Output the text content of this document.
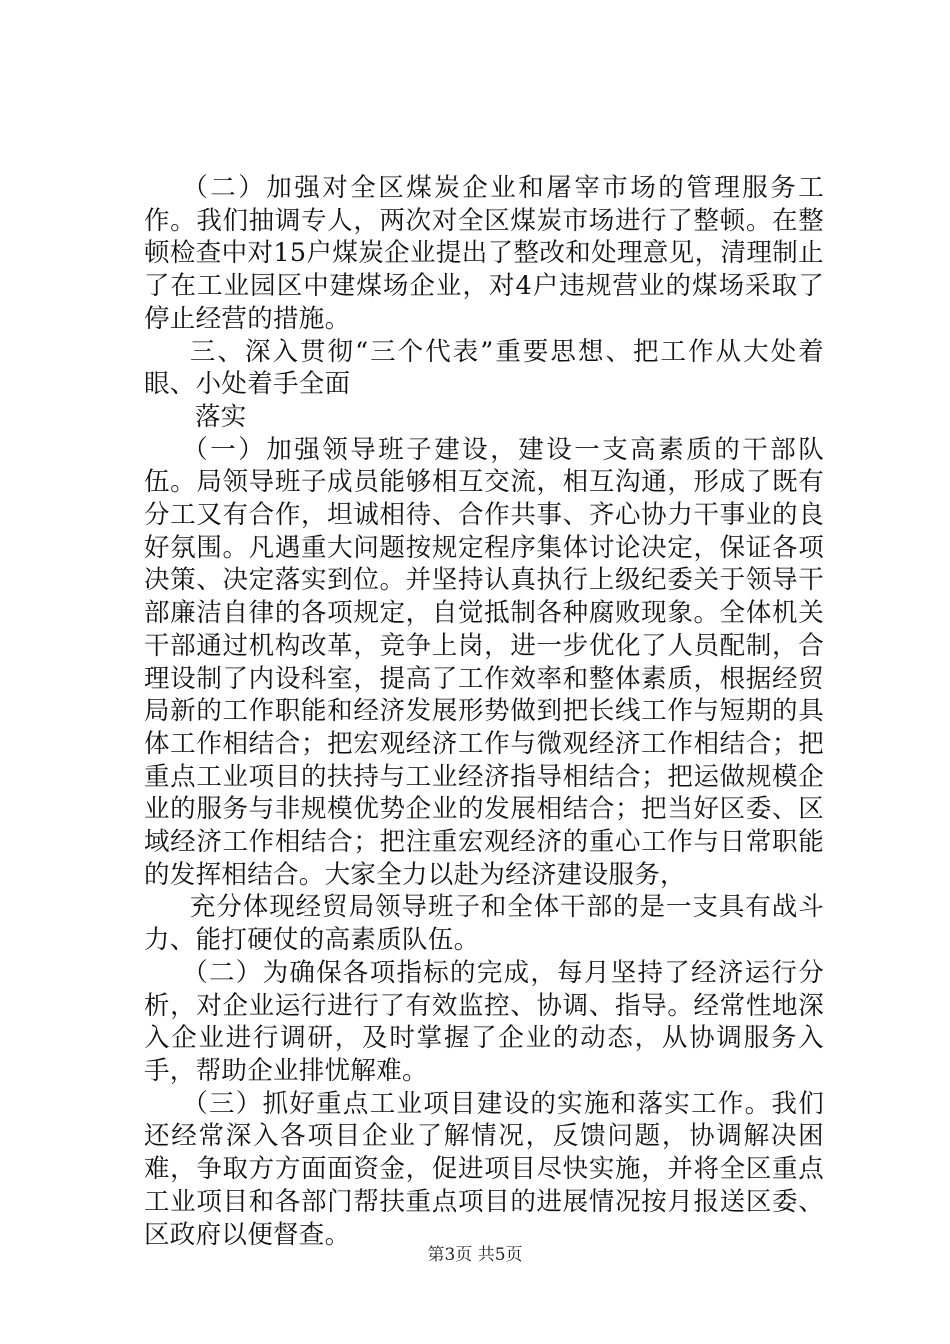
（二）加强对全区煤炭企业和屠宰市场的管理服务工作。我们抽调专人，两次对全区煤炭市场进行了整顿。在整顿检查中对15户煤炭企业提出了整改和处理意见，清理制止了在工业园区中建煤场企业，对4户违规营业的煤场采取了停止经营的措施。

三、深入贯彻“三个代表”重要思想、把工作从大处着眼、小处着手全面

落实

（一）加强领导班子建设，建设一支高素质的干部队伍。局领导班子成员能够相互交流，相互沟通，形成了既有分工又有合作，坦诚相待、合作共事、齐心协力干事业的良好氛围。凡遇重大问题按规定程序集体讨论决定，保证各项决策、决定落实到位。并坚持认真执行上级纪委关于领导干部廉洁自律的各项规定，自觉抵制各种腐败现象。全体机关干部通过机构改革，竞争上岗，进一步优化了人员配制，合理设制了内设科室，提高了工作效率和整体素质，根据经贸局新的工作职能和经济发展形势做到把长线工作与短期的具体工作相结合；把宏观经济工作与微观经济工作相结合；把重点工业项目的扶持与工业经济指导相结合；把运做规模企业的服务与非规模优势企业的发展相结合；把当好区委、区域经济工作相结合；把注重宏观经济的重心工作与日常职能的发挥相结合。大家全力以赴为经济建设服务，

充分体现经贸局领导班子和全体干部的是一支具有战斗力、能打硬仗的高素质队伍。

（二）为确保各项指标的完成，每月坚持了经济运行分析，对企业运行进行了有效监控、协调、指导。经常性地深入企业进行调研，及时掌握了企业的动态，从协调服务入手，帮助企业排忧解难。

（三）抓好重点工业项目建设的实施和落实工作。我们还经常深入各项目企业了解情况，反馈问题，协调解决困难，争取方方面面资金，促进项目尽快实施，并将全区重点工业项目和各部门帮扶重点项目的进展情况按月报送区委、区政府以便督查。

第3页 共5页
